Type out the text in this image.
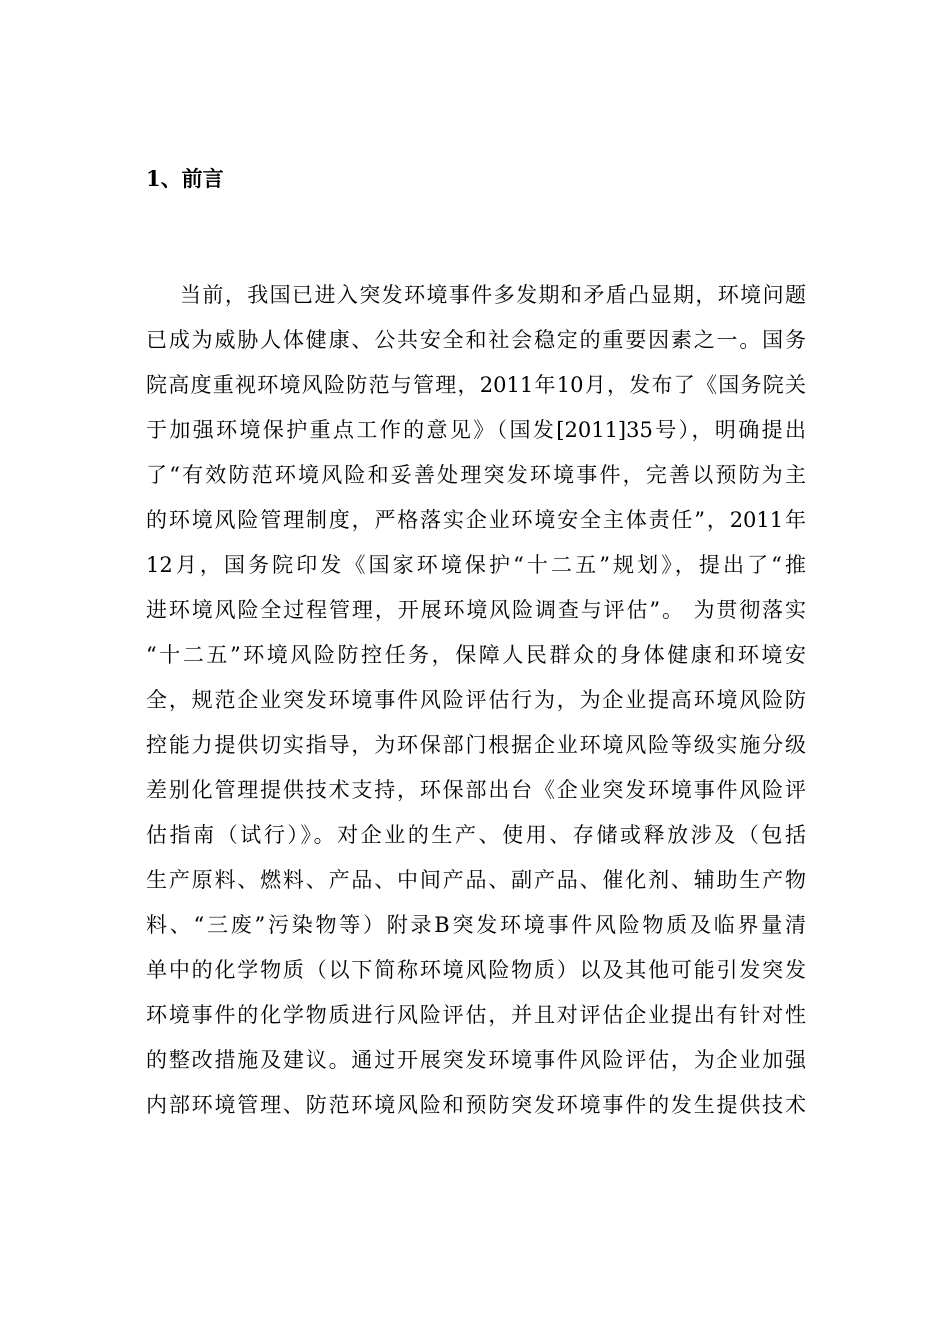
1、前言
当前，我国已进入突发环境事件多发期和矛盾凸显期，环境问题
已成为威胁人体健康、公共安全和社会稳定的重要因素之一。国务
院高度重视环境风险防范与管理，2011年10月，发布了《国务院关
于加强环境保护重点工作的意见》（国发[2011]35号），明确提出
了“有效防范环境风险和妥善处理突发环境事件，完善以预防为主
的环境风险管理制度，严格落实企业环境安全主体责任”，2011年
12月，国务院印发《国家环境保护“十二五”规划》，提出了“推
进环境风险全过程管理，开展环境风险调查与评估”。 为贯彻落实
“十二五”环境风险防控任务，保障人民群众的身体健康和环境安
全，规范企业突发环境事件风险评估行为，为企业提高环境风险防
控能力提供切实指导，为环保部门根据企业环境风险等级实施分级
差别化管理提供技术支持，环保部出台《企业突发环境事件风险评
估指南（试行）》。对企业的生产、使用、存储或释放涉及（包括
生产原料、燃料、产品、中间产品、副产品、催化剂、辅助生产物
料、“三废”污染物等）附录B突发环境事件风险物质及临界量清
单中的化学物质（以下简称环境风险物质）以及其他可能引发突发
环境事件的化学物质进行风险评估，并且对评估企业提出有针对性
的整改措施及建议。通过开展突发环境事件风险评估，为企业加强
内部环境管理、防范环境风险和预防突发环境事件的发生提供技术
